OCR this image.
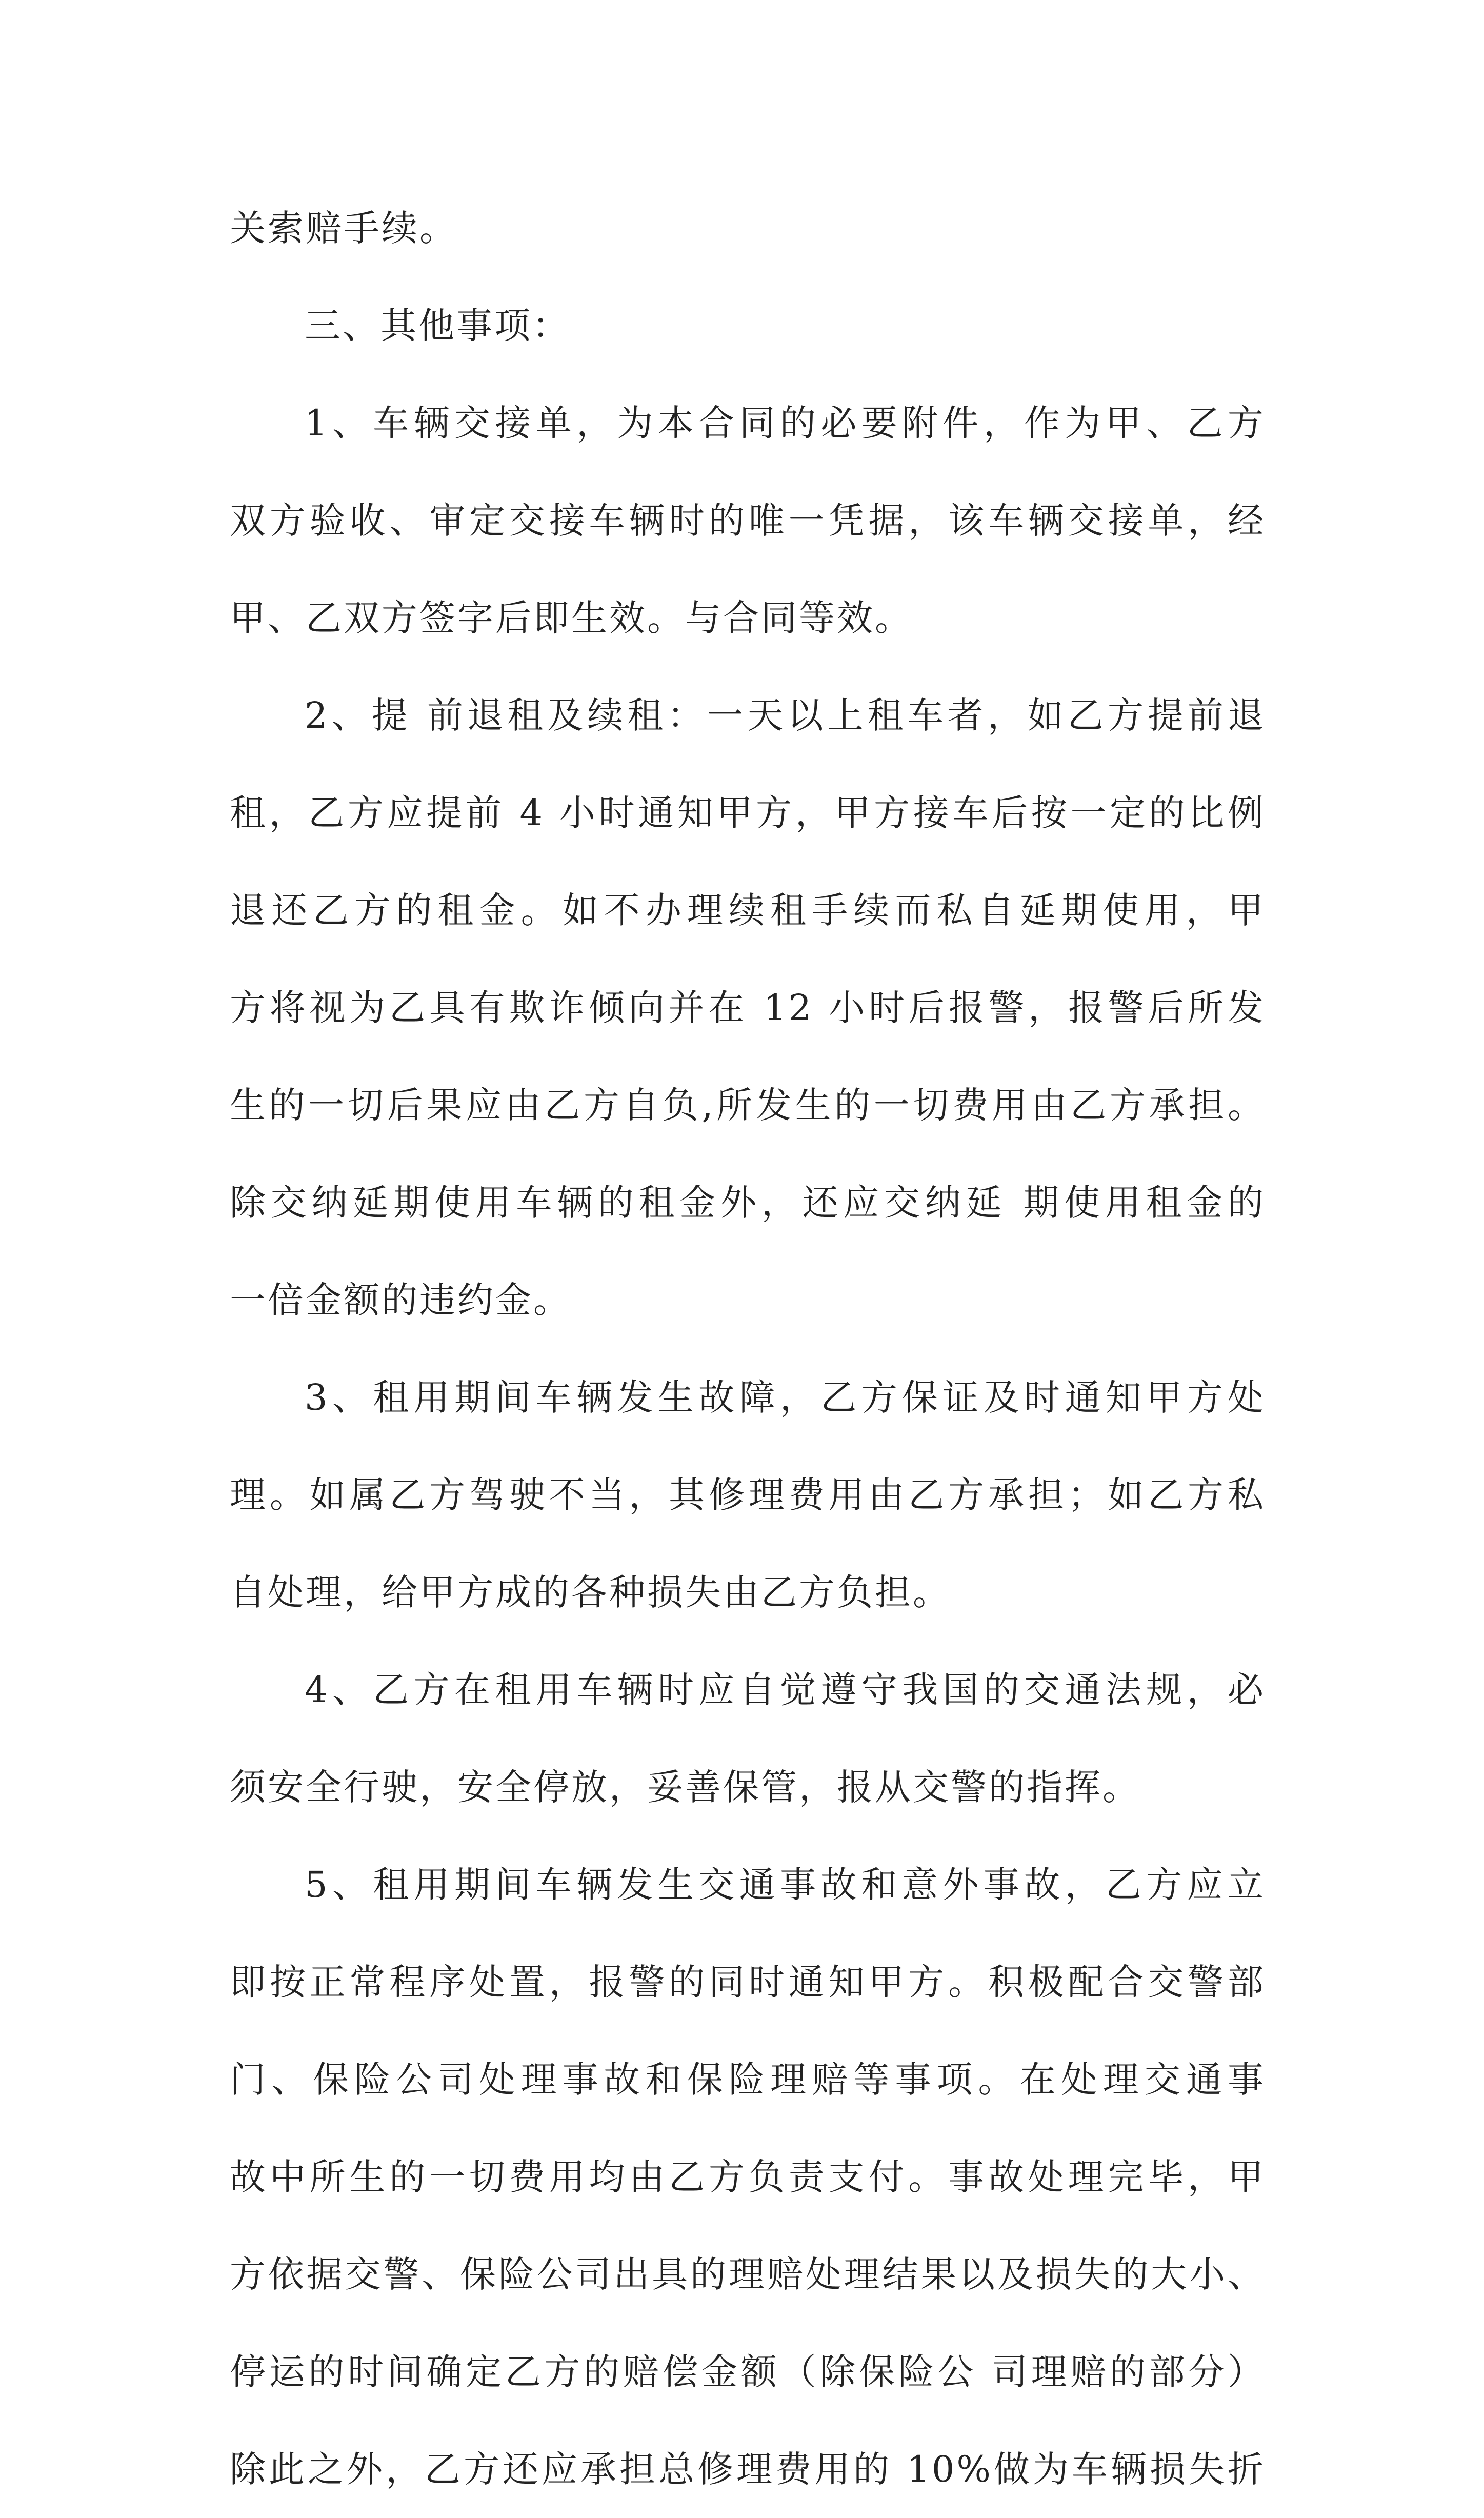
关索赔手续。
三、其他事项：
1、车辆交接单，为本合同的必要附件，作为甲、乙方
双方验收、审定交接车辆时的唯一凭据，该车辆交接单，经
甲、乙双方签字后即生效。与合同等效。
2、提 前退租及续租：一天以上租车者，如乙方提前退
租，乙方应提前 4 小时通知甲方，甲方接车后按一定的比例
退还乙方的租金。如不办理续租手续而私自延期使用，甲
方将视为乙具有欺诈倾向并在 12 小时后报警，报警后所发
生的一切后果应由乙方自负,所发生的一切费用由乙方承担。
除交纳延期使用车辆的租金外，还应交纳延 期使用租金的
一倍金额的违约金。
3、租用期间车辆发生故障，乙方保证及时通知甲方处
理。如属乙方驾驶不当，其修理费用由乙方承担；如乙方私
自处理，给甲方成的各种损失由乙方负担。
4、乙方在租用车辆时应自觉遵守我国的交通法规，必
须安全行驶，安全停放，妥善保管，报从交警的指挥。
5、租用期间车辆发生交通事故和意外事故，乙方应立
即按正常程序处置，报警的同时通知甲方。积极配合交警部
门、保险公司处理事故和保险理赔等事项。在处理交通事
故中所生的一切费用均由乙方负责支付。事故处理完毕，甲
方依据交警、保险公司出具的理赔处理结果以及损失的大小、
停运的时间确定乙方的赔偿金额（除保险公 司理赔的部分）
除此之外，乙方还应承担总修理费用的 10%做为车辆损失折
